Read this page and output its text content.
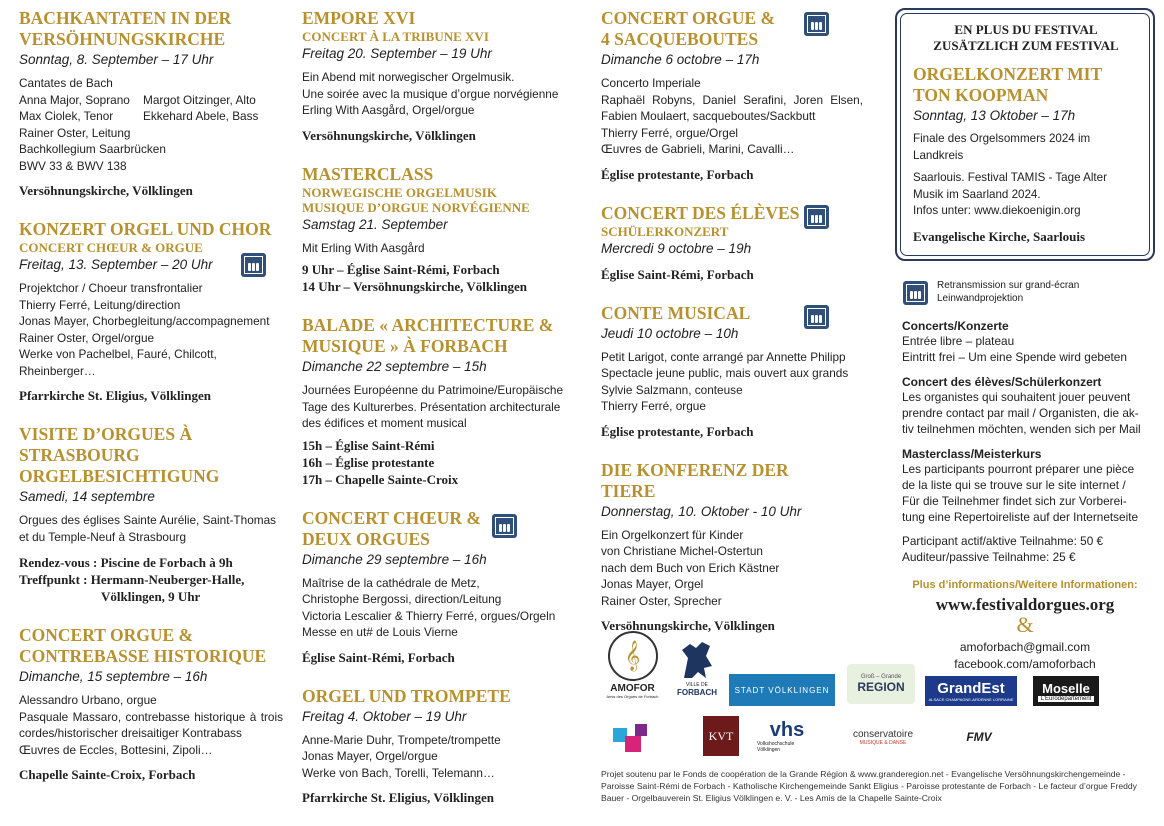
BACHKANTATEN IN DER VERSÖHNUNGSKIRCHE
Sonntag, 8. September – 17 Uhr
Cantates de Bach
Anna Major, Soprano
Max Ciolek, Tenor
Margot Oitzinger, Alto
Ekkehard Abele, Bass
Rainer Oster, Leitung
Bachkollegium Saarbrücken
BWV 33 & BWV 138
Versöhnungskirche, Völklingen
KONZERT ORGEL UND CHOR
CONCERT CHŒUR & ORGUE
Freitag, 13. September – 20 Uhr
Projektchor / Choeur transfrontalier
Thierry Ferré, Leitung/direction
Jonas Mayer, Chorbegleitung/accompagnement
Rainer Oster, Orgel/orgue
Werke von Pachelbel, Fauré, Chilcott, Rheinberger…
Pfarrkirche St. Eligius, Völklingen
VISITE D’ORGUES À STRASBOURG ORGELBESICHTIGUNG
Samedi, 14 septembre
Orgues des églises Sainte Aurélie, Saint-Thomas et du Temple-Neuf à Strasbourg
Rendez-vous : Piscine de Forbach à 9h
Treffpunkt : Hermann-Neuberger-Halle,
Völklingen, 9 Uhr
CONCERT ORGUE & CONTREBASSE HISTORIQUE
Dimanche, 15 septembre – 16h
Alessandro Urbano, orgue
Pasquale Massaro, contrebasse historique à trois cordes/historischer dreisaitiger Kontrabass
Œuvres de Eccles, Bottesini, Zipoli…
Chapelle Sainte-Croix, Forbach
EMPORE XVI
CONCERT À LA TRIBUNE XVI
Freitag 20. September – 19 Uhr
Ein Abend mit norwegischer Orgelmusik.
Une soirée avec la musique d’orgue norvégienne
Erling With Aasgård, Orgel/orgue
Versöhnungskirche, Völklingen
MASTERCLASS
NORWEGISCHE ORGELMUSIK
MUSIQUE D’ORGUE NORVÉGIENNE
Samstag 21. September
Mit Erling With Aasgård
9 Uhr – Église Saint-Rémi, Forbach
14 Uhr – Versöhnungskirche, Völklingen
BALADE « ARCHITECTURE & MUSIQUE » À FORBACH
Dimanche 22 septembre – 15h
Journées Européenne du Patrimoine/Europäische
Tage des Kulturerbes. Présentation architecturale
des édifices et moment musical
15h – Église Saint-Rémi
16h – Église protestante
17h – Chapelle Sainte-Croix
CONCERT CHŒUR & DEUX ORGUES
Dimanche 29 septembre – 16h
Maîtrise de la cathédrale de Metz,
Christophe Bergossi, direction/Leitung
Victoria Lescalier & Thierry Ferré, orgues/Orgeln
Messe en ut# de Louis Vierne
Église Saint-Rémi, Forbach
ORGEL UND TROMPETE
Freitag 4. Oktober – 19 Uhr
Anne-Marie Duhr, Trompete/trompette
Jonas Mayer, Orgel/orgue
Werke von Bach, Torelli, Telemann…
Pfarrkirche St. Eligius, Völklingen
CONCERT ORGUE & 4 SACQUEBOUTES
Dimanche 6 octobre – 17h
Concerto Imperiale
Raphaël Robyns, Daniel Serafini, Joren Elsen, Fabien Moulaert, sacqueboutes/Sackbutt
Thierry Ferré, orgue/Orgel
Œuvres de Gabrieli, Marini, Cavalli…
Église protestante, Forbach
CONCERT DES ÉLÈVES
SCHÜLERKONZERT
Mercredi 9 octobre – 19h
Église Saint-Rémi, Forbach
CONTE MUSICAL
Jeudi 10 octobre – 10h
Petit Larigot, conte arrangé par Annette Philipp
Spectacle jeune public, mais ouvert aux grands
Sylvie Salzmann, conteuse
Thierry Ferré, orgue
Église protestante, Forbach
DIE KONFERENZ DER TIERE
Donnerstag, 10. Oktober - 10 Uhr
Ein Orgelkonzert für Kinder
von Christiane Michel-Ostertun
nach dem Buch von Erich Kästner
Jonas Mayer, Orgel
Rainer Oster, Sprecher
Versöhnungskirche, Völklingen
EN PLUS DU FESTIVAL
ZUSÄTZLICH ZUM FESTIVAL
ORGELKONZERT MIT TON KOOPMAN
Sonntag, 13 Oktober – 17h
Finale des Orgelsommers 2024 im Landkreis
Saarlouis. Festival TAMIS - Tage Alter Musik im Saarland 2024.
Infos unter: www.diekoenigin.org
Evangelische Kirche, Saarlouis
Retransmission sur grand-écran
Leinwandprojektion
Concerts/Konzerte
Entrée libre – plateau
Eintritt frei – Um eine Spende wird gebeten
Concert des élèves/Schülerkonzert
Les organistes qui souhaitent jouer peuvent
prendre contact par mail / Organisten, die ak-
tiv teilnehmen möchten, wenden sich per Mail
Masterclass/Meisterkurs
Les participants pourront préparer une pièce
de la liste qui se trouve sur le site internet /
Für die Teilnehmer findet sich zur Vorberei-
tung eine Repertoireliste auf der Internetseite
Participant actif/aktive Teilnahme: 50 €
Auditeur/passive Teilnahme: 25 €
Plus d’informations/Weitere Informationen:
www.festivaldorgues.org
&
amoforbach@gmail.com
facebook.com/amoforbach
𝄞
AMOFOR
Amis des Orgues de Forbach
VILLE DE
FORBACH STADT VÖLKLINGEN
Groß – Grande
REGION GrandEst
ALSACE CHAMPAGNE-ARDENNE LORRAINE
Moselle
L’Eurodépartement
KVT vhs
Volkshochschule Völklingen
conservatoire
MUSIQUE & DANSE	FMV
Projet soutenu par le Fonds de coopération de la Grande Région & www.granderegion.net - Evangelische Versöhnungskirchengemeinde - Paroisse Saint-Rémi de Forbach - Katholische Kirchengemeinde Sankt Eligius - Paroisse protestante de Forbach - Le facteur d’orgue Freddy Bauer - Orgelbauverein St. Eligius Völklingen e. V. - Les Amis de la Chapelle Sainte-Croix
